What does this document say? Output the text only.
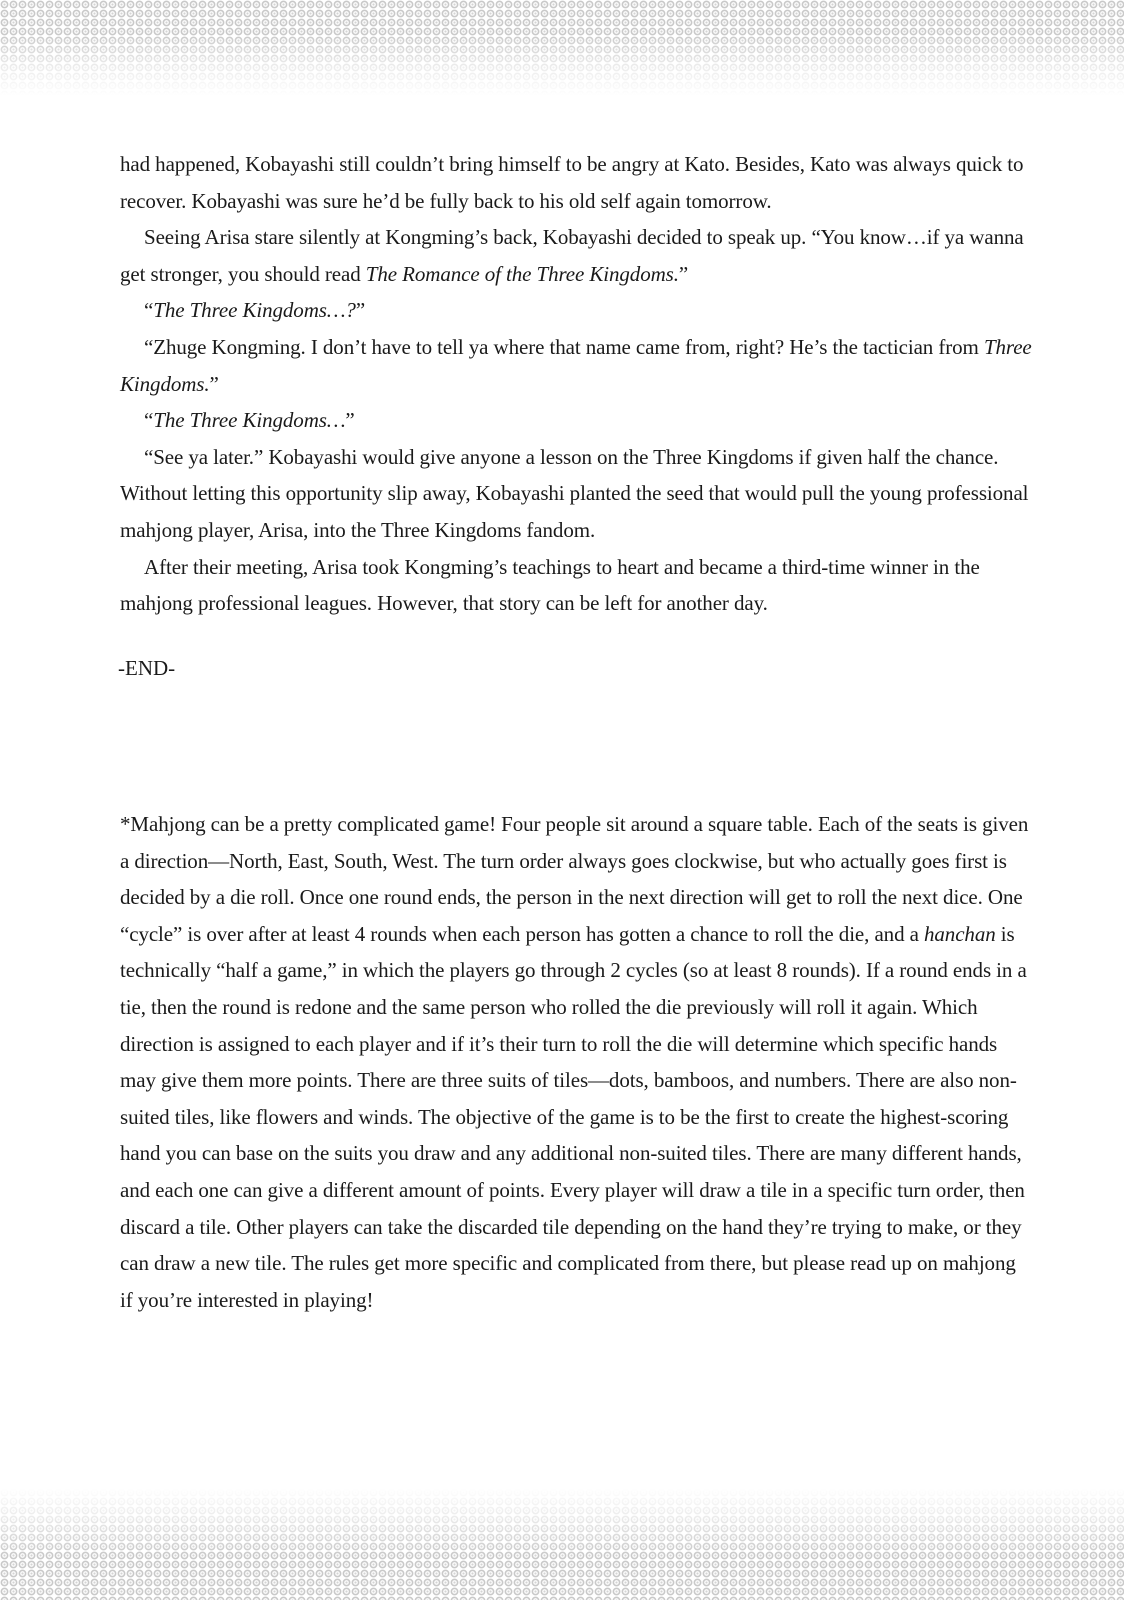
had happened, Kobayashi still couldn’t bring himself to be angry at Kato. Besides, Kato was always quick to recover. Kobayashi was sure he’d be fully back to his old self again tomorrow.

Seeing Arisa stare silently at Kongming’s back, Kobayashi decided to speak up. “You know…if ya wanna get stronger, you should read The Romance of the Three Kingdoms.”

“The Three Kingdoms…?”

“Zhuge Kongming. I don’t have to tell ya where that name came from, right? He’s the tactician from Three Kingdoms.”

“The Three Kingdoms…”

“See ya later.” Kobayashi would give anyone a lesson on the Three Kingdoms if given half the chance. Without letting this opportunity slip away, Kobayashi planted the seed that would pull the young professional mahjong player, Arisa, into the Three Kingdoms fandom.

After their meeting, Arisa took Kongming’s teachings to heart and became a third-time winner in the mahjong professional leagues. However, that story can be left for another day.

-END-

*Mahjong can be a pretty complicated game! Four people sit around a square table. Each of the seats is given a direction—North, East, South, West. The turn order always goes clockwise, but who actually goes first is decided by a die roll. Once one round ends, the person in the next direction will get to roll the next dice. One “cycle” is over after at least 4 rounds when each person has gotten a chance to roll the die, and a hanchan is technically “half a game,” in which the players go through 2 cycles (so at least 8 rounds). If a round ends in a tie, then the round is redone and the same person who rolled the die previously will roll it again. Which direction is assigned to each player and if it’s their turn to roll the die will determine which specific hands may give them more points. There are three suits of tiles—dots, bamboos, and numbers. There are also non-suited tiles, like flowers and winds. The objective of the game is to be the first to create the highest-scoring hand you can base on the suits you draw and any additional non-suited tiles. There are many different hands, and each one can give a different amount of points. Every player will draw a tile in a specific turn order, then discard a tile. Other players can take the discarded tile depending on the hand they’re trying to make, or they can draw a new tile. The rules get more specific and complicated from there, but please read up on mahjong if you’re interested in playing!
